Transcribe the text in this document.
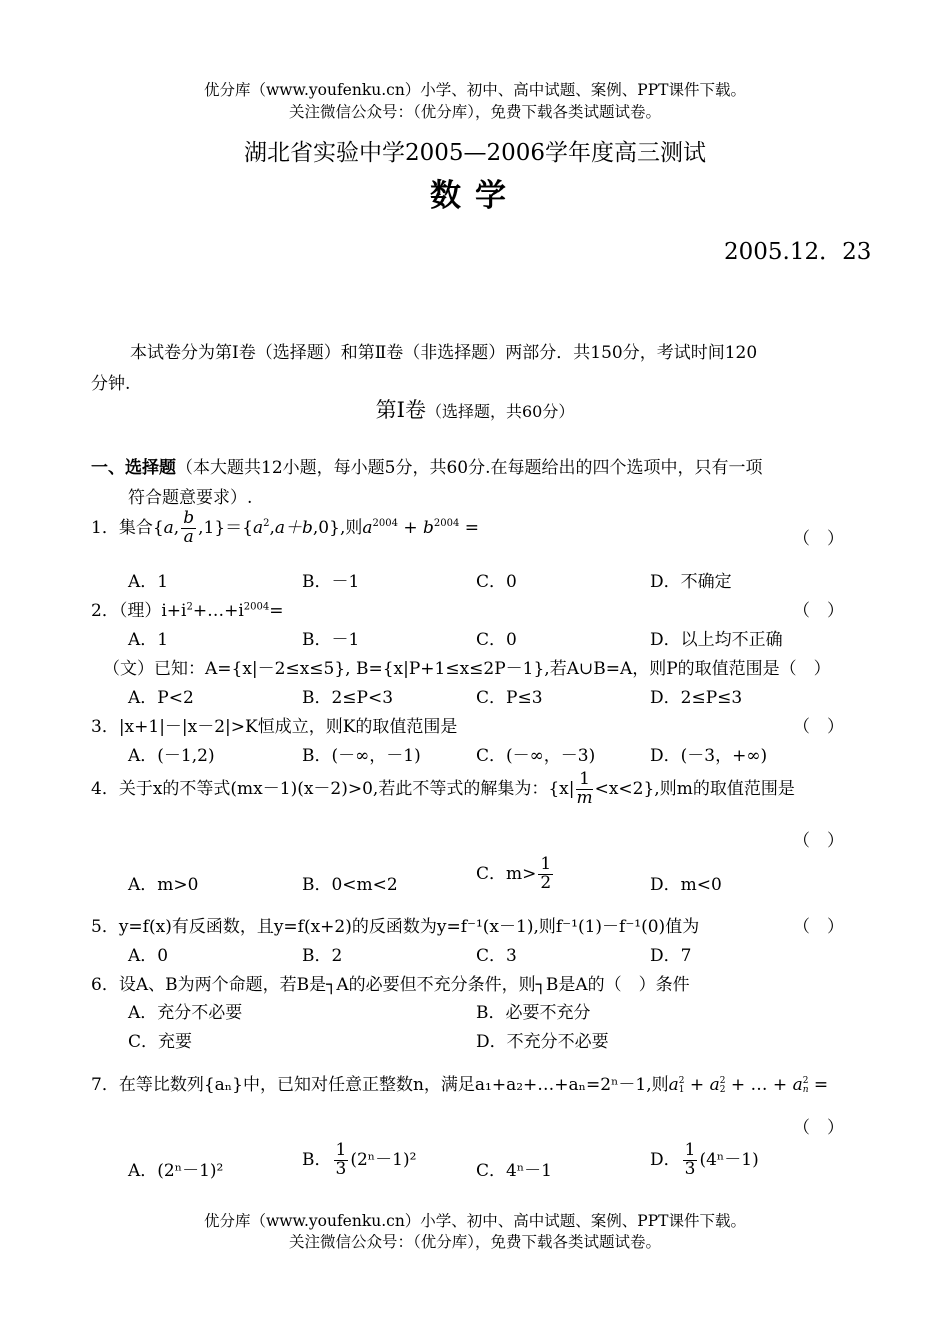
优分库（www.youfenku.cn）小学、初中、高中试题、案例、PPT课件下载。
关注微信公众号：（优分库），免费下载各类试题试卷。
湖北省实验中学2005—2006学年度高三测试
数学
2005.12．23
本试卷分为第Ⅰ卷（选择题）和第Ⅱ卷（非选择题）两部分．共150分，考试时间120
分钟.
第Ⅰ卷（选择题，共60分）
一、选择题（本大题共12小题，每小题5分，共60分.在每题给出的四个选项中，只有一项
符合题意要求）.
1．集合{a, $\frac{b}{a} ,1\}=\{a^2,a+b,0\}$,则$a^{2004} + b^{2004}$ =
（　）
A．1	B．－1	C．0	D．不确定
2．（理）$i+i^2+\dots+i^{2004}=$	（　）
A．1	B．－1	C．0	D．以上均不正确
（文）已知：A={x|－2≤x≤5}, B={x|P+1≤x≤2P－1},若A∪B=A，则P的取值范围是（　）
A．P<2	B．2≤P<3	C．P≤3	D．2≤P≤3
3．|x+1|－|x－2|>K恒成立，则K的取值范围是	（　）
A．(－1,2)	B．(－∞，－1)	C．(－∞，－3)	D．(－3，+∞)
4．关于x的不等式(mx－1)(x－2)>0,若此不等式的解集为：$\{x| \frac{1}{m} <x<2\}$,则m的取值范围是
（　）
A．m>0	B．0<m<2
C．$m> \frac{1}{2}$	D．m<0
5．y=f(x)有反函数，且y=f(x+2)的反函数为y=f⁻¹(x－1),则f⁻¹(1)－f⁻¹(0)值为	（　）
A．0	B．2	C．3	D．7
6．设A、B为两个命题，若B是┐A的必要但不充分条件，则┐B是A的（　）条件
A．充分不必要	B．必要不充分
C．充要	D．不充分不必要
7．在等比数列{aₙ}中，已知对任意正整数n，满足a₁+a₂+…+aₙ=2ⁿ－1,则a 2
1 + a 2
2 + … + a 2
n =
（　）
A．(2ⁿ－1)²
B． $\frac{1}{3} (2^n-1)^2$
C．4ⁿ－1
D． $\frac{1}{3} (4^n-1)$
优分库（www.youfenku.cn）小学、初中、高中试题、案例、PPT课件下载。
关注微信公众号：（优分库），免费下载各类试题试卷。
